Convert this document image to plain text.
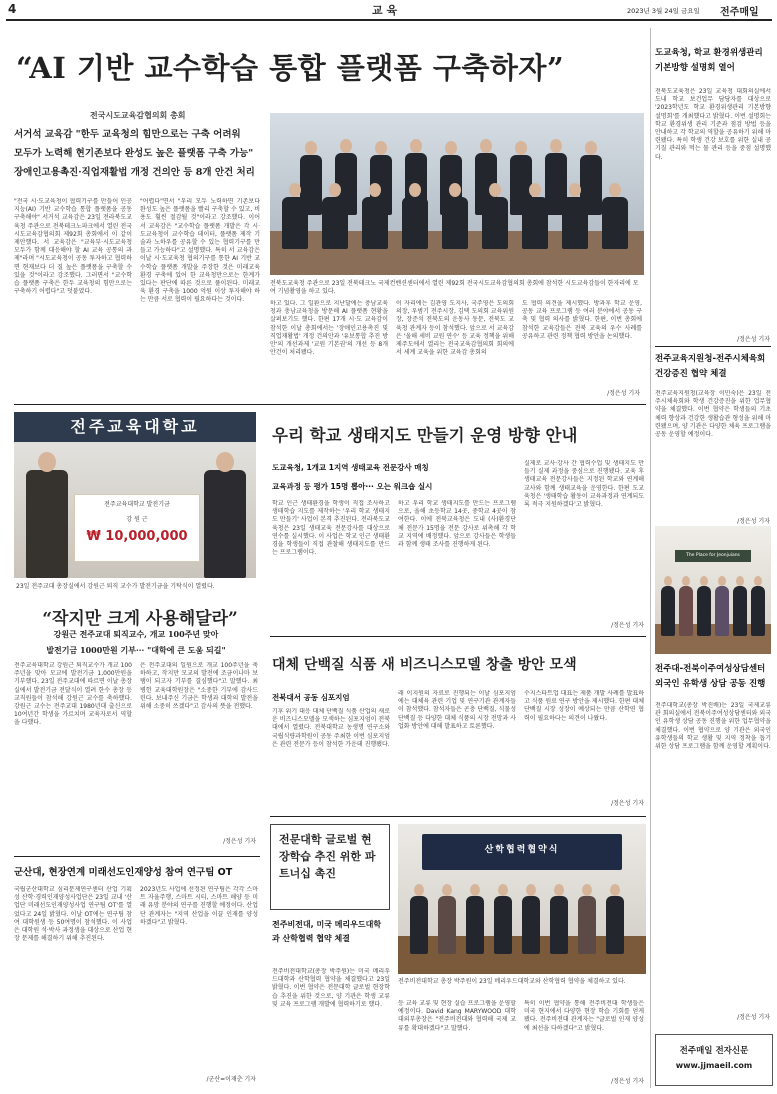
4	교 육	2023년 3월 24일 금요일 전주매일
“AI 기반 교수학습 통합 플랫폼 구축하자”
전국시도교육감협의회 총회
서거석 교육감 "한두 교육청의 힘만으로는 구축 어려워
모두가 노력해 현기존보다 완성도 높은 플랫폼 구축 가능"
장애인고용촉진·직업재활법 개정 건의안 등 8개 안건 처리
"전국 시·도교육청이 협력기구를 만들어 인공지능(AI) 기반 교수학습 통합 플랫폼을 공동 구축해야" 서거석 교육감은 23일 전라북도교육청 주관으로 전북테크노파크에서 열린 전국시도교육감협의회 제92회 총회에서 이 같이 제안했다. 서 교육감은 "교육부·시도교육청 모두가 함께 대응해야 할 AI 교육 공통의 과제"라며 "시도교육청이 공동 투자하고 협력하면 현재보다 더 질 높은 플랫폼을 구축할 수 있을 것"이라고 강조했다. 그러면서 "교수학습 플랫폼 구축은 한두 교육청의 힘만으로는 구축하기 어렵다"고 덧붙였다.
"어렵다"면서 "우리 모두 노력하면 기존보다 완성도 높은 플랫폼을 빨리 구축할 수 있고, 비용도 훨씬 절감될 것"이라고 강조했다. 이어 서 교육감은 "교수학습 플랫폼 개발은 각 시·도교육청이 교수학습 데이터, 플랫폼 제작 기술과 노하우를 공유할 수 있는 협력기구를 만들고 가능하다"고 설명했다. 특히 서 교육감은 이날 시·도교육청 협의기구를 통한 AI 기반 교수학습 플랫폼 개발을 주장한 것은 미래교육 환경 구축에 있어 한 교육청만으로는 한계가 있다는 판단에 따른 것으로 풀이된다. 미래교육 환경 구축을 1000 억원 이상 투자해야 하는 만큼 서로 협력이 필요하다는 것이다.
전북도교육청 주관으로 23일 전북테크노 국제컨벤션센터에서 열린 제92회 전국시도교육감협의회 총회에 참석한 시도교육감들이 한자리에 모여 기념촬영을 하고 있다.
하고 있다. 그 일환으로 지난달에는 충남교육청과 충남교육청을 방문해 AI 플랫폼 현황을 살펴보기도 했다. 한편 17개 시·도 교육감이 참석한 이날 총회에서는 '장애인고용촉진 및 직업재활법' 개정 건의안과 '유보통합 추진 방안'의 개선과제 '교원 기본권'의 개선 등 8개 안건이 처리됐다.
이 자리에는 김관영 도지사, 국주영은 도의회 의장, 우범기 전주시장, 김택 도의회 교육위원장, 장준석 전북도의 운동사 동문, 전북도 교육청 관계자 등이 참석했다. 앞으로 서 교육감은 '올해 세비 교원 연수' 등 교육 정책을 위해 제주도에서 열리는 전국교육감협의회 회의에서 세계 교육을 위한 교육감 총회의
도 협력 의견을 제시했다. 방과후 학교 운영, 공동 교육 프로그램 등 여러 분야에서 공동 구축 및 협력 의사를 밝혔다. 한편, 이번 총회에 참석한 교육감들은 전북 교육의 우수 사례를 공유하고 관련 정책 협력 방안을 논의했다.
/정은성 기자
전주교육대학교
전주교육대학교 발전기금
강 원 근
₩ 10,000,000
23일 전주교대 총장실에서 강원근 퇴직 교수가 발전기금을 기탁식이 열렸다.
“작지만 크게 사용해달라”
강원근 전주교대 퇴직교수, 개교 100주년 맞아
발전기금 1000만원 기부··· "대학에 큰 도움 되길"
전주교육대학교 강원근 퇴직교수가 개교 100주년을 맞아 모교에 발전기금 1,000만원을 기부했다. 23일 전주교대에 따르면 이날 총장실에서 발전기금 전달식이 열려 한수 총장 등 교직원들이 참석해 강원근 교수를 축하했다. 강원근 교수는 전주교대 1980년대 출신으로 10여년간 학생을 가르치며 교육자로서 역할을 다했다.
은 전주교대의 일원으로 개교 100주년을 축하하고, 작지만 모교의 발전에 조금이나마 보탬이 되고자 기부를 결심했다"고 말했다. 최병헌 교육대학원장은 "소중한 기부에 감사드린다. 보내주신 기금은 학생과 대학의 발전을 위해 소중히 쓰겠다"고 감사의 뜻을 전했다.
/정은성 기자
군산대, 현장연계 미래선도인재양성 참여 연구팀 OT
국립군산대학교 심리문제연구센터 산업 기획성 산학·경력인재양성사업단은 23일 교내 '산업단 미래선도인재양성사업 연구팀 OT'를 열었다고 24일 밝혔다. 이날 OT에는 연구팀 참여 대학원생 등 50여명이 참석했다. 이 사업은 대학원 석·박사 과정생을 대상으로 산업 현장 문제를 해결하기 위해 추진된다.
2023년도 사업에 선정된 연구팀은 각각 스마트 자율주행, 스마트 시티, 스마트 해양 등 미래 유망 분야의 연구를 진행할 예정이다. 산업단 관계자는 "지역 산업을 이끌 인재를 양성하겠다"고 밝혔다.
/군산=이재춘 기자
우리 학교 생태지도 만들기 운영 방향 안내
도교육청, 1개교 1지역 생태교육 전문강사 매칭
교육과정 등 평가 15명 뽑아··· 오는 워크숍 실시
학교 인근 생태환경을 학생이 직접 조사하고 생태학습 지도를 제작하는 '우리 학교 생태지도 만들기' 사업이 본격 추진된다. 전라북도교육청은 23일 생태교육 전문강사를 대상으로 연수를 실시했다. 이 사업은 학교 인근 생태환경을 학생들이 직접 관찰해 생태지도를 만드는 프로그램이다.
하고 우리 학교 생태지도를 만드는 프로그램으로, 올해 초등학교 14곳, 중학교 4곳이 참여한다. 이에 전북교육청은 도내 (사)환경단체 전문가 15명을 전문 강사로 위촉해 각 학교 지역에 배정했다. 앞으로 강사들은 학생들과 함께 생태 조사를 진행하게 된다.
실제로 교사·강사 간 협력수업 및 생태지도 만들기 실제 과정을 중심으로 진행됐다. 교육 후 생태교육 전문강사들은 지정된 학교와 연계해 교사와 함께 생태교육을 운영한다. 한편 도교육청은 '생태학습 활동이 교육과정과 연계되도록 적극 지원하겠다'고 밝혔다.
/정은성 기자
대체 단백질 식품 새 비즈니스모델 창출 방안 모색
전북대서 공동 심포지엄
기후 위기 대응 대체 단백질 식품 산업의 새로운 비즈니스모델을 모색하는 심포지엄이 전북대에서 열렸다. 전북대학교 농생명 연구소와 국립식량과학원이 공동 주최한 이번 심포지엄은 관련 전문가 등이 참석한 가운데 진행됐다.
래 이지원의 자료로 진행되는 이날 심포지엄에는 대체육 관련 기업 및 연구기관 관계자들이 참석했다. 참석자들은 곤충 단백질, 식물성 단백질 등 다양한 대체 식품의 시장 전망과 사업화 방안에 대해 발표하고 토론했다.
수지스타트업 대표는 제품 개발 사례를 발표하고 식품 원료 연구 방안을 제시했다. 한편 대체 단백질 시장 성장이 예상되는 만큼 산학연 협력이 필요하다는 의견이 나왔다.
/정은성 기자
전문대학 글로벌 현장학습 추진 위한 파트너십 촉진
전주비전대, 미국 메리우드대학과 산학협력 협약 체결
산학협력협약식
전주비전대학교 총장 박주원이 23일 메리우드대학교와 산학협력 협약을 체결하고 있다.
전주비전대학교(총장 박주원)는 미국 메리우드대학과 산학협력 협약을 체결했다고 23일 밝혔다. 이번 협약은 전문대학 글로벌 현장학습 추진을 위한 것으로, 양 기관은 학생 교류 및 교육 프로그램 개발에 협력하기로 했다.	등 교육 교류 및 현장 실습 프로그램을 운영할 예정이다. David Kang MARYWOOD 대학 대외부총장은 "전주비전대와 협력해 국제 교류를 확대하겠다"고 말했다.
특히 이번 협약을 통해 전주비전대 학생들은 미국 현지에서 다양한 현장 학습 기회를 얻게 됐다. 전주비전대 관계자는 "글로벌 인재 양성에 최선을 다하겠다"고 밝혔다.
/정은성 기자
도교육청, 학교 환경위생관리 기본방향 설명회 열어
전북도교육청은 23일 교육청 대회의실에서 도내 학교 보건업무 담당자를 대상으로 '2023학년도 학교 환경위생관리 기본방향 설명회'를 개최했다고 밝혔다. 이번 설명회는 학교 환경위생 관리 기준과 점검 방법 등을 안내하고 각 학교의 역할을 공유하기 위해 마련됐다. 특히 학생 건강 보호를 위한 실내 공기질 관리와 먹는 물 관리 등을 중점 설명했다.
/정은성 기자
전주교육지원청-전주시체육회 건강증진 협약 체결
전주교육지원청(교육장 이민숙)은 23일 전주시체육회와 학생 건강증진을 위한 업무협약을 체결했다. 이번 협약은 학생들의 기초 체력 향상과 건강한 생활습관 형성을 위해 마련됐으며, 양 기관은 다양한 체육 프로그램을 공동 운영할 예정이다.
/정은성 기자
The Place for Jeonjuians
전주대-전북이주여성상담센터 외국인 유학생 상담 공동 진행
전주대학교(총장 박진배)는 23일 국제교류관 회의실에서 전북이주여성상담센터와 외국인 유학생 상담 공동 진행을 위한 업무협약을 체결했다. 이번 협약으로 양 기관은 외국인 유학생들의 학교 생활 및 지역 정착을 돕기 위한 상담 프로그램을 함께 운영할 계획이다.
/정은성 기자
전주매일 전자신문
www.jjmaeil.com
